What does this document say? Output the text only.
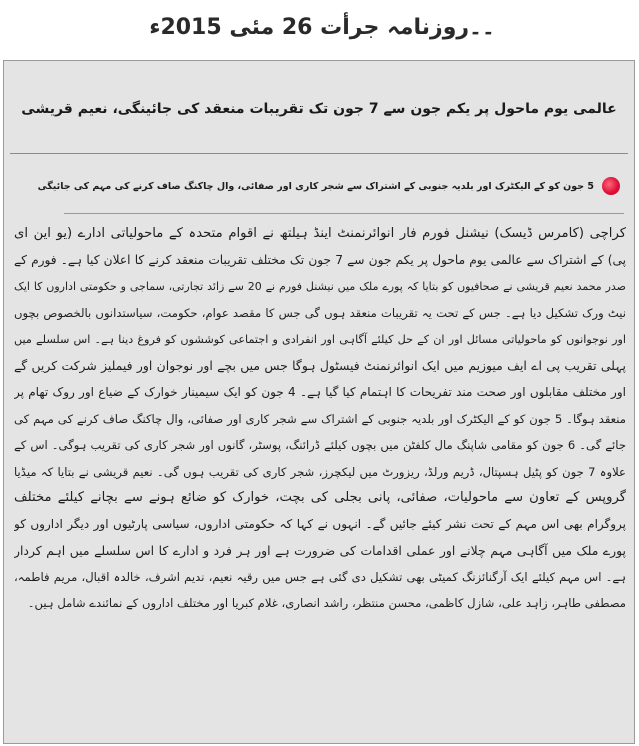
۔۔روزنامہ جرأت 26 مئی 2015ء
عالمی یوم ماحول پر یکم جون سے 7 جون تک تقریبات منعقد کی جائینگی، نعیم قریشی
5 جون کو کے الیکٹرک اور بلدیہ جنوبی کے اشتراک سے شجر کاری اور صفائی، وال چاکنگ صاف کرنے کی مہم کی جائیگی
کراچی (کامرس ڈیسک) نیشنل فورم فار انوائرنمنٹ اینڈ ہیلتھ نے اقوام متحدہ کے ماحولیاتی ادارے (یو این ای
پی) کے اشتراک سے عالمی یوم ماحول پر یکم جون سے 7 جون تک مختلف تقریبات منعقد کرنے کا اعلان کیا ہے۔ فورم کے
صدر محمد نعیم قریشی نے صحافیوں کو بتایا کہ پورے ملک میں نیشنل فورم نے 20 سے زائد تجارتی، سماجی و حکومتی اداروں کا ایک
نیٹ ورک تشکیل دیا ہے۔ جس کے تحت یہ تقریبات منعقد ہوں گی جس کا مقصد عوام، حکومت، سیاستدانوں بالخصوص بچوں
اور نوجوانوں کو ماحولیاتی مسائل اور ان کے حل کیلئے آگاہی اور انفرادی و اجتماعی کوششوں کو فروغ دینا ہے۔ اس سلسلے میں
پہلی تقریب پی اے ایف میوزیم میں ایک انوائرنمنٹ فیسٹول ہوگا جس میں بچے اور نوجوان اور فیملیز شرکت کریں گے
اور مختلف مقابلوں اور صحت مند تفریحات کا اہتمام کیا گیا ہے۔ 4 جون کو ایک سیمینار خوارک کے ضیاع اور روک تھام پر
منعقد ہوگا۔ 5 جون کو کے الیکٹرک اور بلدیہ جنوبی کے اشتراک سے شجر کاری اور صفائی، وال چاکنگ صاف کرنے کی مہم کی
جائے گی۔ 6 جون کو مقامی شاپنگ مال کلفٹن میں بچوں کیلئے ڈرائنگ، پوسٹر، گانوں اور شجر کاری کی تقریب ہوگی۔ اس کے
علاوہ 7 جون کو پٹیل ہسپتال، ڈریم ورلڈ، ریزورٹ میں لیکچرز، شجر کاری کی تقریب ہوں گی۔ نعیم قریشی نے بتایا کہ میڈیا
گروپس کے تعاون سے ماحولیات، صفائی، پانی بجلی کی بچت، خوارک کو ضائع ہونے سے بچانے کیلئے مختلف
پروگرام بھی اس مہم کے تحت نشر کیئے جائیں گے۔ انہوں نے کہا کہ حکومتی اداروں، سیاسی پارٹیوں اور دیگر اداروں کو
پورے ملک میں آگاہی مہم چلانے اور عملی اقدامات کی ضرورت ہے اور ہر فرد و ادارے کا اس سلسلے میں اہم کردار
ہے۔ اس مہم کیلئے ایک آرگنائزنگ کمیٹی بھی تشکیل دی گئی ہے جس میں رقیہ نعیم، ندیم اشرف، خالدہ اقبال، مریم فاطمہ،
مصطفی طاہر، زاہد علی، شازل کاظمی، محسن منتظر، راشد انصاری، غلام کبریا اور مختلف اداروں کے نمائندے شامل ہیں۔
